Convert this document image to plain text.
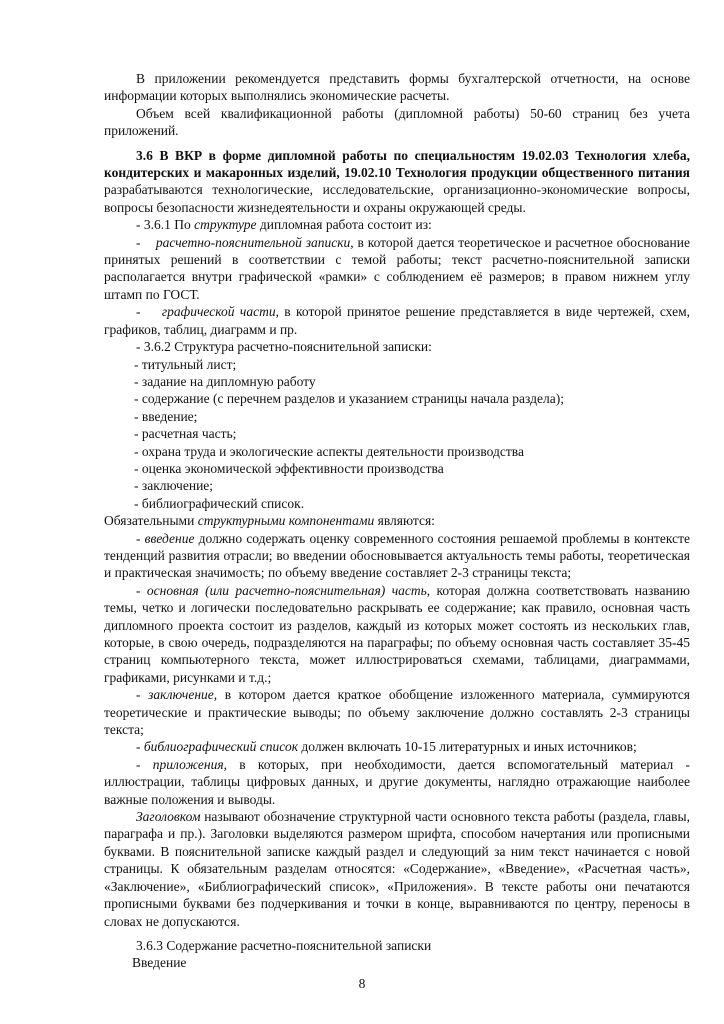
В приложении рекомендуется представить формы бухгалтерской отчетности, на основе информации которых выполнялись экономические расчеты.

Объем всей квалификационной работы (дипломной работы) 50-60 страниц без учета приложений.

3.6 В ВКР в форме дипломной работы по специальностям 19.02.03 Технология хлеба, кондитерских и макаронных изделий, 19.02.10 Технология продукции общественного питания разрабатываются технологические, исследовательские, организационно-экономические вопросы, вопросы безопасности жизнедеятельности и охраны окружающей среды.

- 3.6.1 По структуре дипломная работа состоит из:

-    расчетно-пояснительной записки, в которой дается теоретическое и расчетное обоснование принятых решений в соответствии с темой работы; текст расчетно-пояснительной записки располагается внутри графической «рамки» с соблюдением её размеров; в правом нижнем углу штамп по ГОСТ.

-    графической части, в которой принятое решение представляется в виде чертежей, схем, графиков, таблиц, диаграмм и пр.

- 3.6.2 Структура расчетно-пояснительной записки:

- титульный лист;

- задание на дипломную работу

- содержание (с перечнем разделов и указанием страницы начала раздела);

- введение;

- расчетная часть;

- охрана труда и экологические аспекты деятельности производства

- оценка экономической эффективности производства

- заключение;

- библиографический список.

Обязательными структурными компонентами являются:

- введение должно содержать оценку современного состояния решаемой проблемы в контексте тенденций развития отрасли; во введении обосновывается актуальность темы работы, теоретическая и практическая значимость; по объему введение составляет 2-3 страницы текста;

- основная (или расчетно-пояснительная) часть, которая должна соответствовать названию темы, четко и логически последовательно раскрывать ее содержание; как правило, основная часть дипломного проекта состоит из разделов, каждый из которых может состоять из нескольких глав, которые, в свою очередь, подразделяются на параграфы; по объему основная часть составляет 35-45 страниц компьютерного текста, может иллюстрироваться схемами, таблицами, диаграммами, графиками, рисунками и т.д.;

- заключение, в котором дается краткое обобщение изложенного материала, суммируются теоретические и практические выводы; по объему заключение должно составлять 2-3 страницы текста;

- библиографический список должен включать 10-15 литературных и иных источников;

- приложения, в которых, при необходимости, дается вспомогательный материал - иллюстрации, таблицы цифровых данных, и другие документы, наглядно отражающие наиболее важные положения и выводы.

Заголовком называют обозначение структурной части основного текста работы (раздела, главы, параграфа и пр.). Заголовки выделяются размером шрифта, способом начертания или прописными буквами. В пояснительной записке каждый раздел и следующий за ним текст начинается с новой страницы. К обязательным разделам относятся: «Содержание», «Введение», «Расчетная часть», «Заключение», «Библиографический список», «Приложения». В тексте работы они печатаются прописными буквами без подчеркивания и точки в конце, выравниваются по центру, переносы в словах не допускаются.

3.6.3 Содержание расчетно-пояснительной записки

Введение

8
